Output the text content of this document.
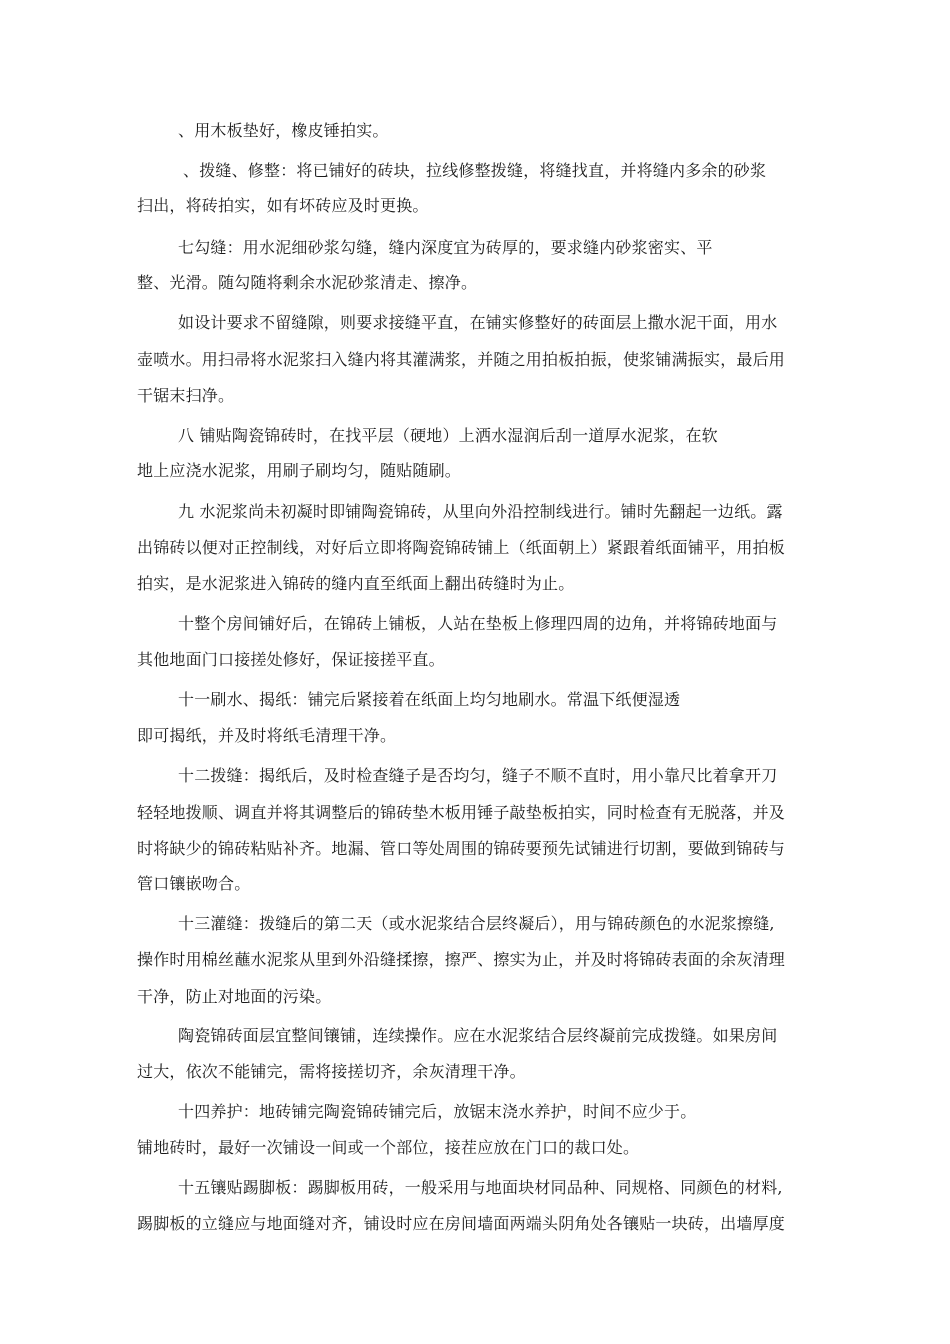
、用木板垫好，橡皮锤拍实。
、拨缝、修整：将已铺好的砖块，拉线修整拨缝，将缝找直，并将缝内多余的砂浆
扫出，将砖拍实，如有坏砖应及时更换。
七勾缝：用水泥细砂浆勾缝，缝内深度宜为砖厚的，要求缝内砂浆密实、平
整、光滑。随勾随将剩余水泥砂浆清走、擦净。
如设计要求不留缝隙，则要求接缝平直，在铺实修整好的砖面层上撒水泥干面，用水
壶喷水。用扫帚将水泥浆扫入缝内将其灌满浆，并随之用拍板拍振，使浆铺满振实，最后用
干锯末扫净。
八 铺贴陶瓷锦砖时，在找平层（硬地）上洒水湿润后刮一道厚水泥浆，在软
地上应浇水泥浆，用刷子刷均匀，随贴随刷。
九 水泥浆尚未初凝时即铺陶瓷锦砖，从里向外沿控制线进行。铺时先翻起一边纸。露
出锦砖以便对正控制线，对好后立即将陶瓷锦砖铺上（纸面朝上）紧跟着纸面铺平，用拍板
拍实，是水泥浆进入锦砖的缝内直至纸面上翻出砖缝时为止。
十整个房间铺好后，在锦砖上铺板，人站在垫板上修理四周的边角，并将锦砖地面与
其他地面门口接搓处修好，保证接搓平直。
十一刷水、揭纸：铺完后紧接着在纸面上均匀地刷水。常温下纸便湿透
即可揭纸，并及时将纸毛清理干净。
十二拨缝：揭纸后，及时检查缝子是否均匀，缝子不顺不直时，用小靠尺比着拿开刀
轻轻地拨顺、调直并将其调整后的锦砖垫木板用锤子敲垫板拍实，同时检查有无脱落，并及
时将缺少的锦砖粘贴补齐。地漏、管口等处周围的锦砖要预先试铺进行切割，要做到锦砖与
管口镶嵌吻合。
十三灌缝：拨缝后的第二天（或水泥浆结合层终凝后），用与锦砖颜色的水泥浆擦缝,
操作时用棉丝蘸水泥浆从里到外沿缝揉擦，擦严、擦实为止，并及时将锦砖表面的余灰清理
干净，防止对地面的污染。
陶瓷锦砖面层宜整间镶铺，连续操作。应在水泥浆结合层终凝前完成拨缝。如果房间
过大，依次不能铺完，需将接搓切齐，余灰清理干净。
十四养护：地砖铺完陶瓷锦砖铺完后，放锯末浇水养护，时间不应少于。
铺地砖时，最好一次铺设一间或一个部位，接茬应放在门口的裁口处。
十五镶贴踢脚板：踢脚板用砖，一般采用与地面块材同品种、同规格、同颜色的材料,
踢脚板的立缝应与地面缝对齐，铺设时应在房间墙面两端头阴角处各镶贴一块砖，出墙厚度
